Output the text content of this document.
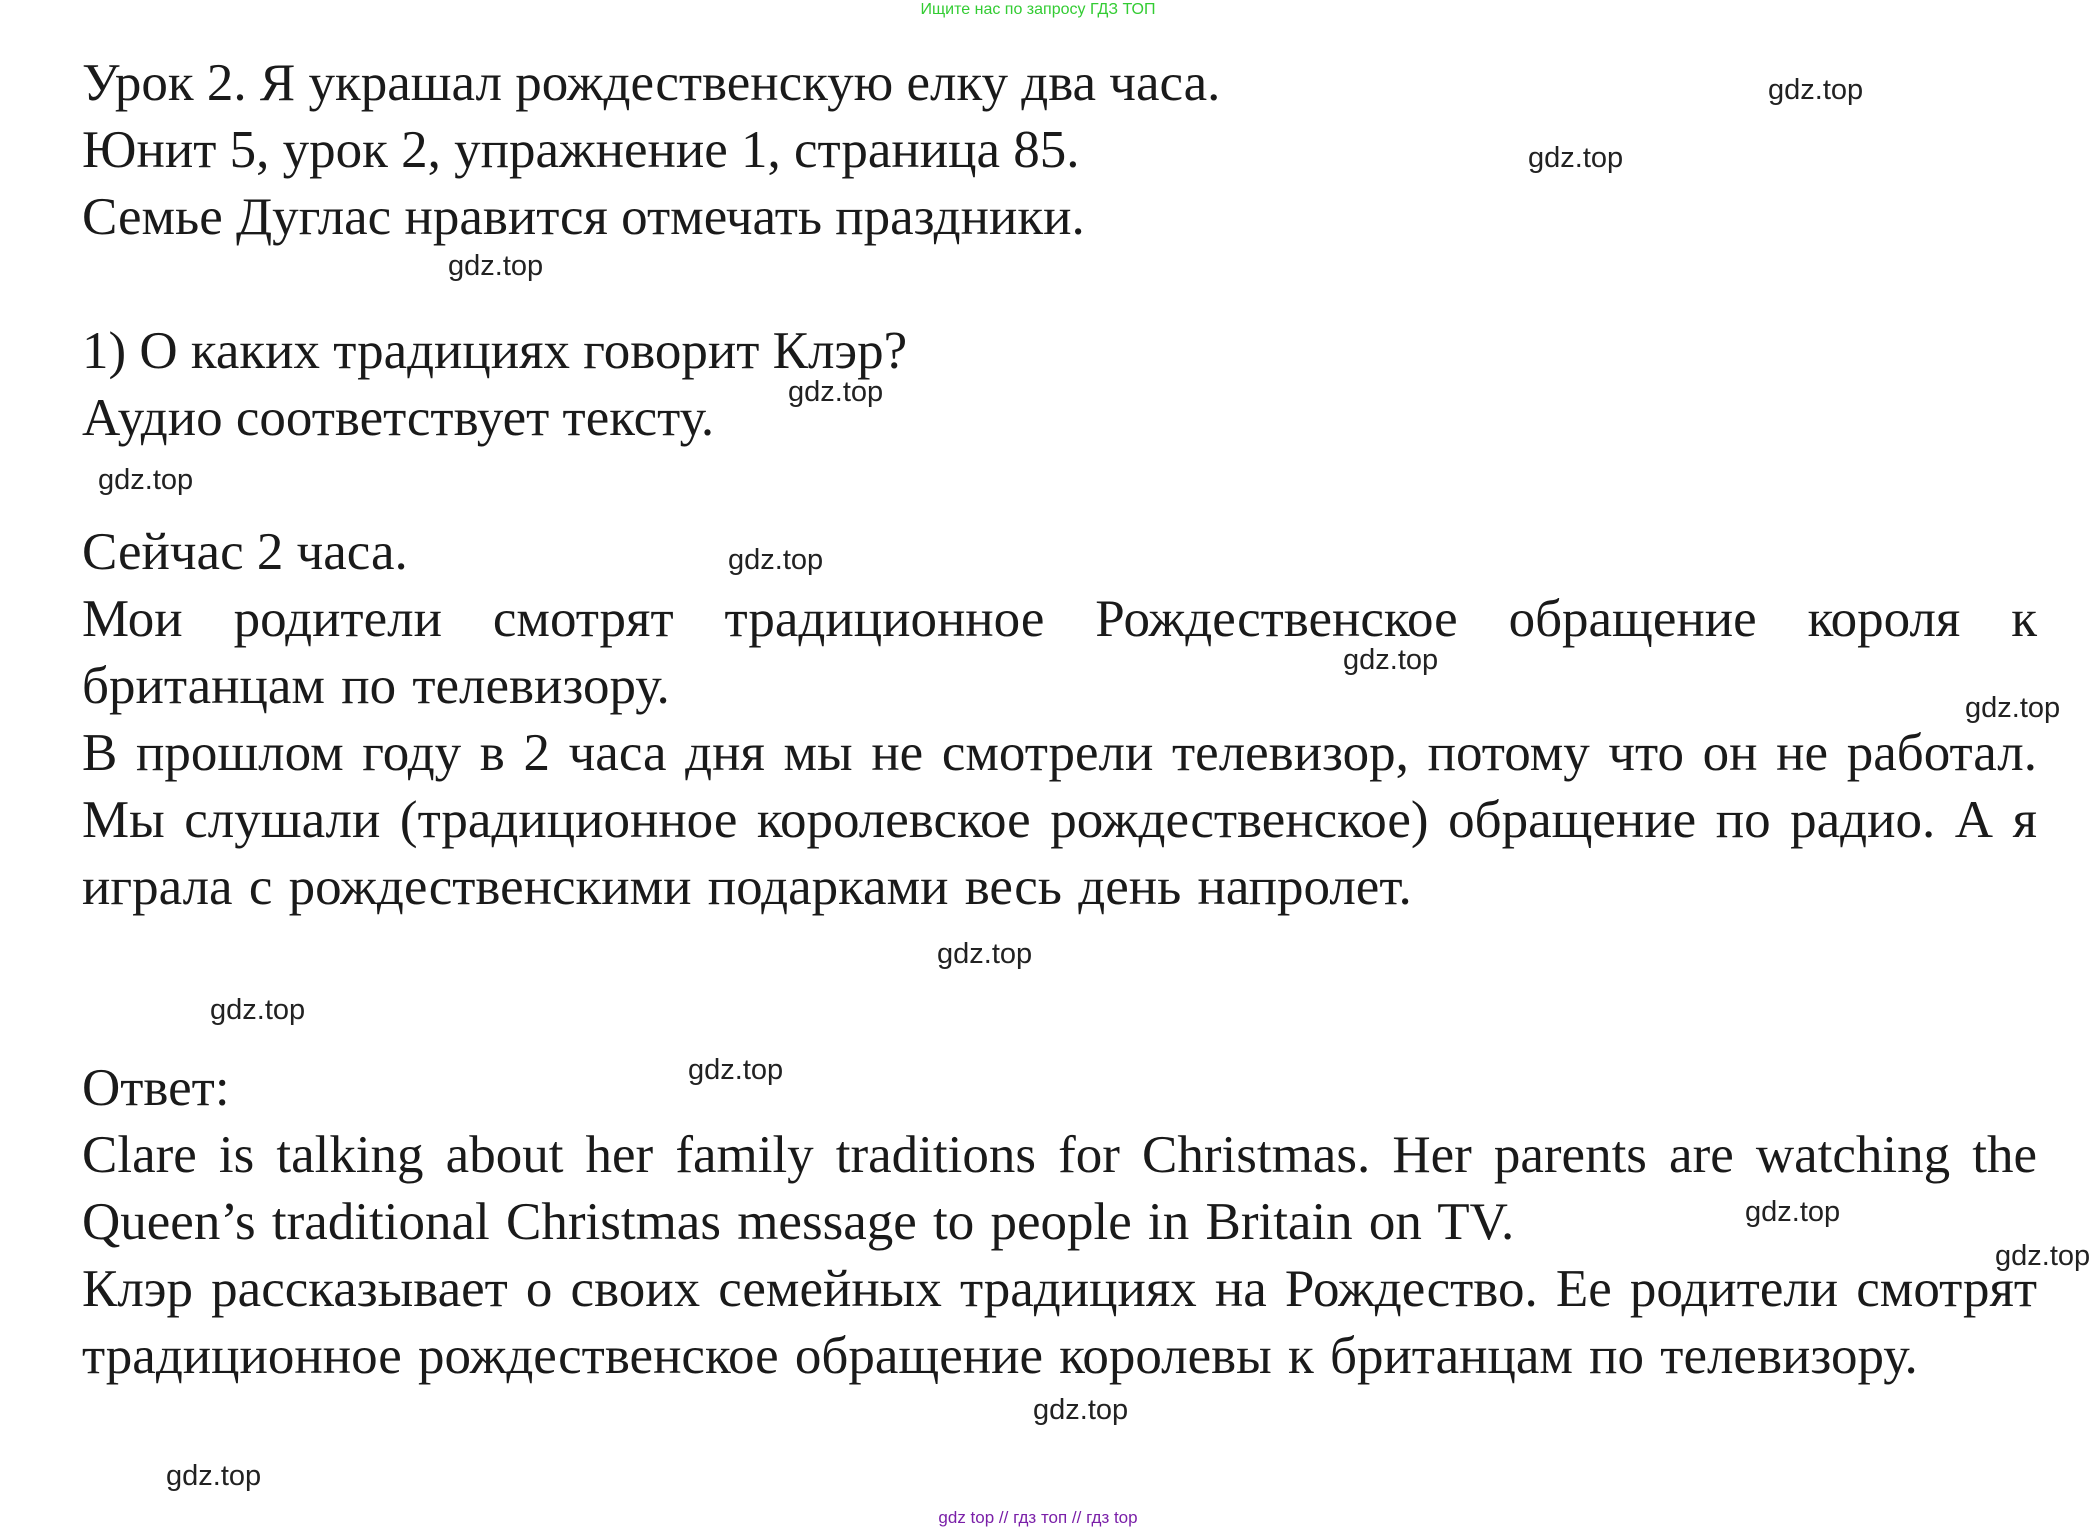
Ищите нас по запросу ГДЗ ТОП
Урок 2. Я украшал рождественскую елку два часа.
Юнит 5, урок 2, упражнение 1, страница 85.
Семье Дуглас нравится отмечать праздники.
1) О каких традициях говорит Клэр?
Аудио соответствует тексту.
Сейчас 2 часа.
Мои родители смотрят традиционное Рождественское обращение короля к британцам по телевизору.
В прошлом году в 2 часа дня мы не смотрели телевизор, потому что он не работал. Мы слушали (традиционное королевское рождественское) обращение по радио. А я играла с рождественскими подарками весь день напролет.
Ответ:
Clare is talking about her family traditions for Christmas. Her parents are watching the Queen’s traditional Christmas message to people in Britain on TV.
Клэр рассказывает о своих семейных традициях на Рождество. Ее родители смотрят традиционное рождественское обращение королевы к британцам по телевизору.
gdz.top
gdz.top
gdz.top
gdz.top
gdz.top
gdz.top
gdz.top
gdz.top
gdz.top
gdz.top
gdz.top
gdz.top
gdz.top
gdz.top
gdz.top
gdz top // гдз топ // гдз top
